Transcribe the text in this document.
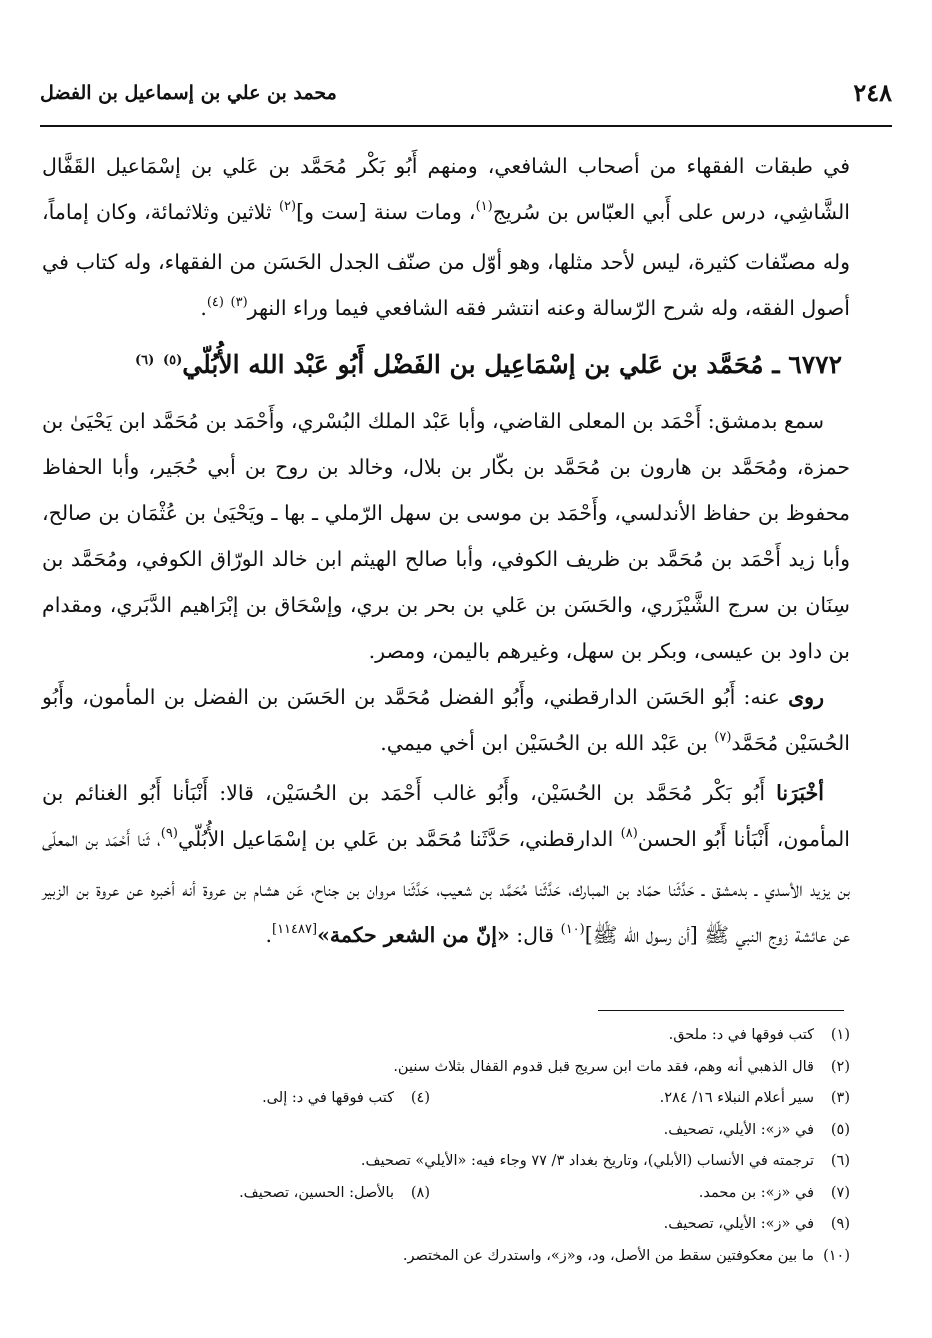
٢٤٨
محمد بن علي بن إسماعيل بن الفضل

في طبقات الفقهاء من أصحاب الشافعي، ومنهم أَبُو بَكْر مُحَمَّد بن عَلي بن إسْمَاعيل القَفَّال الشَّاشِي، درس على أَبي العبّاس بن سُريج$^{(١)}$، ومات سنة [ست و]$^{(٢)}$ ثلاثين وثلاثمائة، وكان إماماً، وله مصنّفات كثيرة، ليس لأحد مثلها، وهو أوّل من صنّف الجدل الحَسَن من الفقهاء، وله كتاب في أصول الفقه، وله شرح الرّسالة وعنه انتشر فقه الشافعي فيما وراء النهر$^{(٣)}$ $^{(٤)}$.

٦٧٧٢ ـ مُحَمَّد بن عَلي بن إسْمَاعِيل بن الفَضْل أَبُو عَبْد الله الأُبُلّي$^{(٥)}$ $^{(٦)}$

سمع بدمشق: أَحْمَد بن المعلى القاضي، وأبا عَبْد الملك البُسْري، وأَحْمَد بن مُحَمَّد ابن يَحْيَىٰ بن حمزة، ومُحَمَّد بن هارون بن مُحَمَّد بن بكّار بن بلال، وخالد بن روح بن أبي حُجَير، وأبا الحفاظ محفوظ بن حفاظ الأندلسي، وأَحْمَد بن موسى بن سهل الرّملي ـ بها ـ ويَحْيَىٰ بن عُثْمَان بن صالح، وأبا زيد أَحْمَد بن مُحَمَّد بن ظريف الكوفي، وأبا صالح الهيثم ابن خالد الورّاق الكوفي، ومُحَمَّد بن سِنَان بن سرج الشَّيْزَري، والحَسَن بن عَلي بن بحر بن بري، وإسْحَاق بن إبْرَاهيم الدَّبَري، ومقدام بن داود بن عيسى، وبكر بن سهل، وغيرهم باليمن، ومصر.

روى عنه: أَبُو الحَسَن الدارقطني، وأَبُو الفضل مُحَمَّد بن الحَسَن بن الفضل بن المأمون، وأَبُو الحُسَيْن مُحَمَّد$^{(٧)}$ بن عَبْد الله بن الحُسَيْن ابن أخي ميمي.

أخْبَرَنا أَبُو بَكْر مُحَمَّد بن الحُسَيْن، وأَبُو غالب أَحْمَد بن الحُسَيْن، قالا: أَنْبَأنا أَبُو الغنائم بن المأمون، أَنْبَأنا أَبُو الحسن$^{(٨)}$ الدارقطني، حَدَّثَنا مُحَمَّد بن عَلي بن إسْمَاعيل الأُبُلّي$^{(٩)}$، ثَنا أَحْمَد بن المعلّى بن يزيد الأسدي ـ بدمشق ـ حَدَّثَنا حمّاد بن المبارك، حَدَّثَنا مُحَمَّد بن شعيب، حَدَّثَنا مروان بن جناح، عَن هشام بن عروة أنه أخبره عن عروة بن الزبير عن عائشة زوج النبي ﷺ [أن رسول الله ﷺ]$^{(١٠)}$ قال: «إنّ من الشعر حكمة»[١١٤٨٧].

(١)كتب فوقها في د: ملحق.
(٢)قال الذهبي أنه وهم، فقد مات ابن سريج قبل قدوم القفال بثلاث سنين.
(٣)سير أعلام النبلاء ١٦/ ٢٨٤.
(٤)كتب فوقها في د: إلى.
(٥)في «ز»: الأيلي، تصحيف.
(٦)ترجمته في الأنساب (الأبلي)، وتاريخ بغداد ٣/ ٧٧ وجاء فيه: «الأيلي» تصحيف.
(٧)في «ز»: بن محمد.
(٨)بالأصل: الحسين، تصحيف.
(٩)في «ز»: الأيلي، تصحيف.
(١٠)ما بين معكوفتين سقط من الأصل، ود، و«ز»، واستدرك عن المختصر.
